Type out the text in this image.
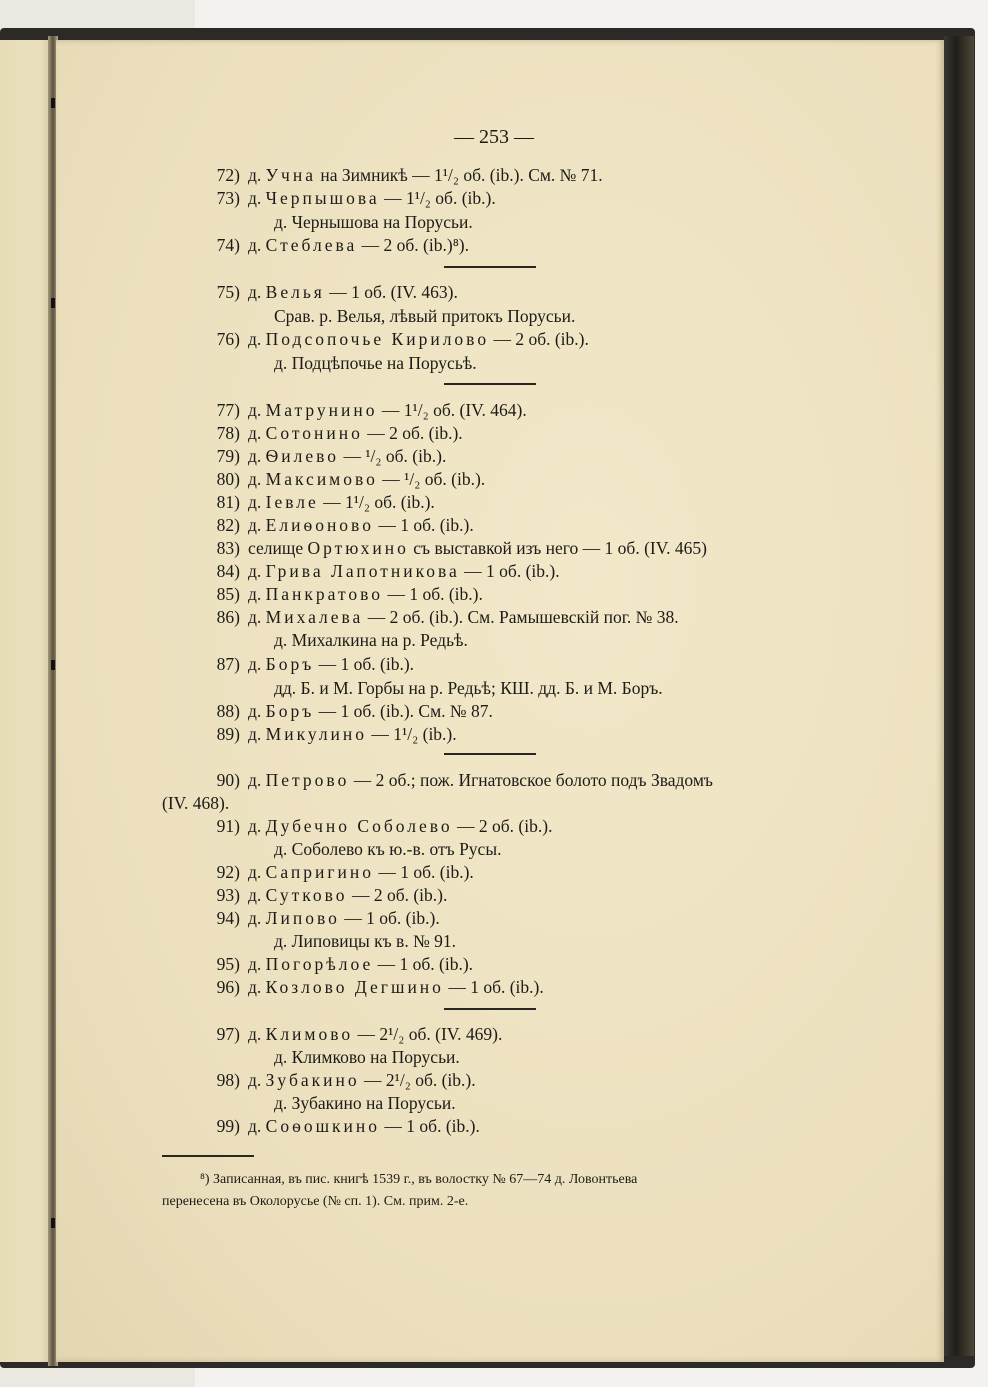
— 253 —
72) д. Учна на Зимникѣ — 1¹/₂ об. (ib.). См. № 71.
73) д. Черпышова — 1¹/₂ об. (ib.).
д. Чернышова на Порусьи.
74) д. Стеблева — 2 об. (ib.)⁸).
75) д. Велья — 1 об. (IV. 463).
Срав. р. Велья, лѣвый притокъ Порусьи.
76) д. Подсопочье Кирилово — 2 об. (ib.).
д. Подцѣпочье на Порусьѣ.
77) д. Матрунино — 1¹/₂ об. (IV. 464).
78) д. Сотонино — 2 об. (ib.).
79) д. Ѳилево — ¹/₂ об. (ib.).
80) д. Максимово — ¹/₂ об. (ib.).
81) д. Іевле — 1¹/₂ об. (ib.).
82) д. Елиѳоново — 1 об. (ib.).
83) селище Ортюхино съ выставкой изъ него — 1 об. (IV. 465)
84) д. Грива Лапотникова — 1 об. (ib.).
85) д. Панкратово — 1 об. (ib.).
86) д. Михалева — 2 об. (ib.). См. Рамышевскій пог. № 38.
д. Михалкина на р. Редьѣ.
87) д. Боръ — 1 об. (ib.).
дд. Б. и М. Горбы на р. Редьѣ; КШ. дд. Б. и М. Боръ.
88) д. Боръ — 1 об. (ib.). См. № 87.
89) д. Микулино — 1¹/₂ (ib.).
90) д. Петрово — 2 об.; пож. Игнатовское болото подъ Звадомъ
(IV. 468).
91) д. Дубечно Соболево — 2 об. (ib.).
д. Соболево къ ю.-в. отъ Русы.
92) д. Сапригино — 1 об. (ib.).
93) д. Сутково — 2 об. (ib.).
94) д. Липово — 1 об. (ib.).
д. Липовицы къ в. № 91.
95) д. Погорѣлое — 1 об. (ib.).
96) д. Козлово Дегшино — 1 об. (ib.).
97) д. Климово — 2¹/₂ об. (IV. 469).
д. Климково на Порусьи.
98) д. Зубакино — 2¹/₂ об. (ib.).
д. Зубакино на Порусьи.
99) д. Соѳошкино — 1 об. (ib.).
⁸) Записанная, въ пис. книгѣ 1539 г., въ волостку № 67—74 д. Ловонтьева
перенесена въ Околорусье (№ сп. 1). См. прим. 2-е.
